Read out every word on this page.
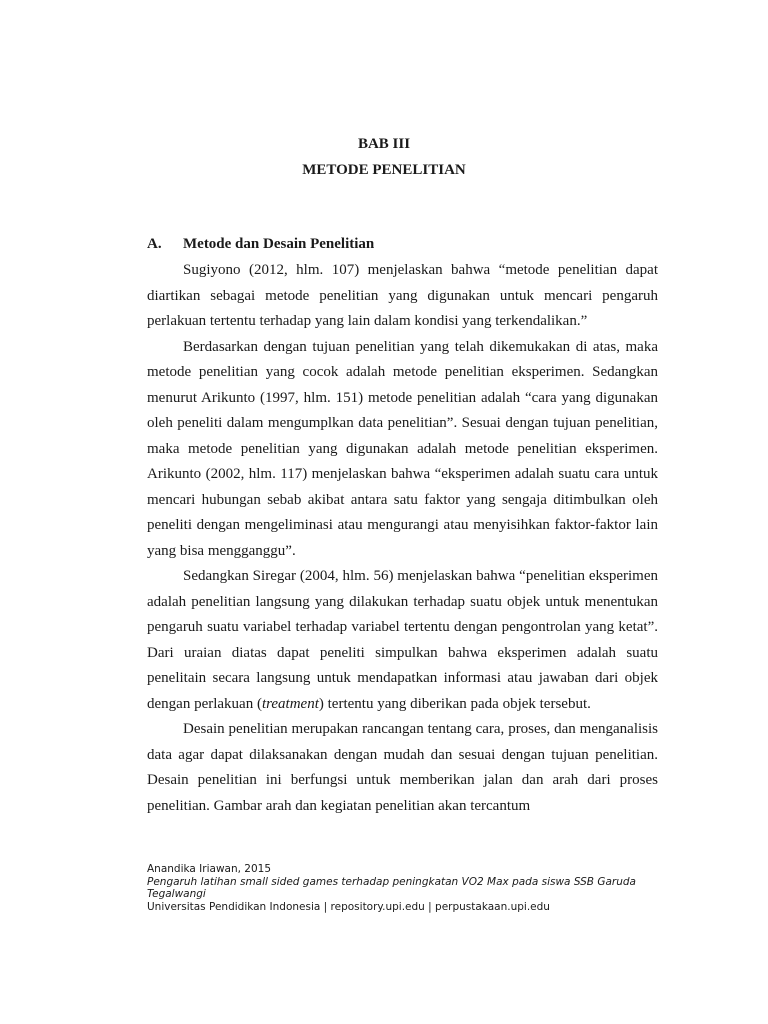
BAB III
METODE PENELITIAN
A. Metode dan Desain Penelitian

Sugiyono (2012, hlm. 107) menjelaskan bahwa “metode penelitian dapat diartikan sebagai metode penelitian yang digunakan untuk mencari pengaruh perlakuan tertentu terhadap yang lain dalam kondisi yang terkendalikan.”

Berdasarkan dengan tujuan penelitian yang telah dikemukakan di atas, maka metode penelitian yang cocok adalah metode penelitian eksperimen. Sedangkan menurut Arikunto (1997, hlm. 151) metode penelitian adalah “cara yang digunakan oleh peneliti dalam mengumplkan data penelitian”. Sesuai dengan tujuan penelitian, maka metode penelitian yang digunakan adalah metode penelitian eksperimen. Arikunto (2002, hlm. 117) menjelaskan bahwa “eksperimen adalah suatu cara untuk mencari hubungan sebab akibat antara satu faktor yang sengaja ditimbulkan oleh peneliti dengan mengeliminasi atau mengurangi atau menyisihkan faktor-faktor lain yang bisa mengganggu”.

Sedangkan Siregar (2004, hlm. 56) menjelaskan bahwa “penelitian eksperimen adalah penelitian langsung yang dilakukan terhadap suatu objek untuk menentukan pengaruh suatu variabel terhadap variabel tertentu dengan pengontrolan yang ketat”. Dari uraian diatas dapat peneliti simpulkan bahwa eksperimen adalah suatu penelitain secara langsung untuk mendapatkan informasi atau jawaban dari objek dengan perlakuan (treatment) tertentu yang diberikan pada objek tersebut.

Desain penelitian merupakan rancangan tentang cara, proses, dan menganalisis data agar dapat dilaksanakan dengan mudah dan sesuai dengan tujuan penelitian. Desain penelitian ini berfungsi untuk memberikan jalan dan arah dari proses penelitian. Gambar arah dan kegiatan penelitian akan tercantum

Anandika Iriawan, 2015
Pengaruh latihan small sided games terhadap peningkatan VO2 Max pada siswa SSB Garuda Tegalwangi
Universitas Pendidikan Indonesia | repository.upi.edu | perpustakaan.upi.edu
